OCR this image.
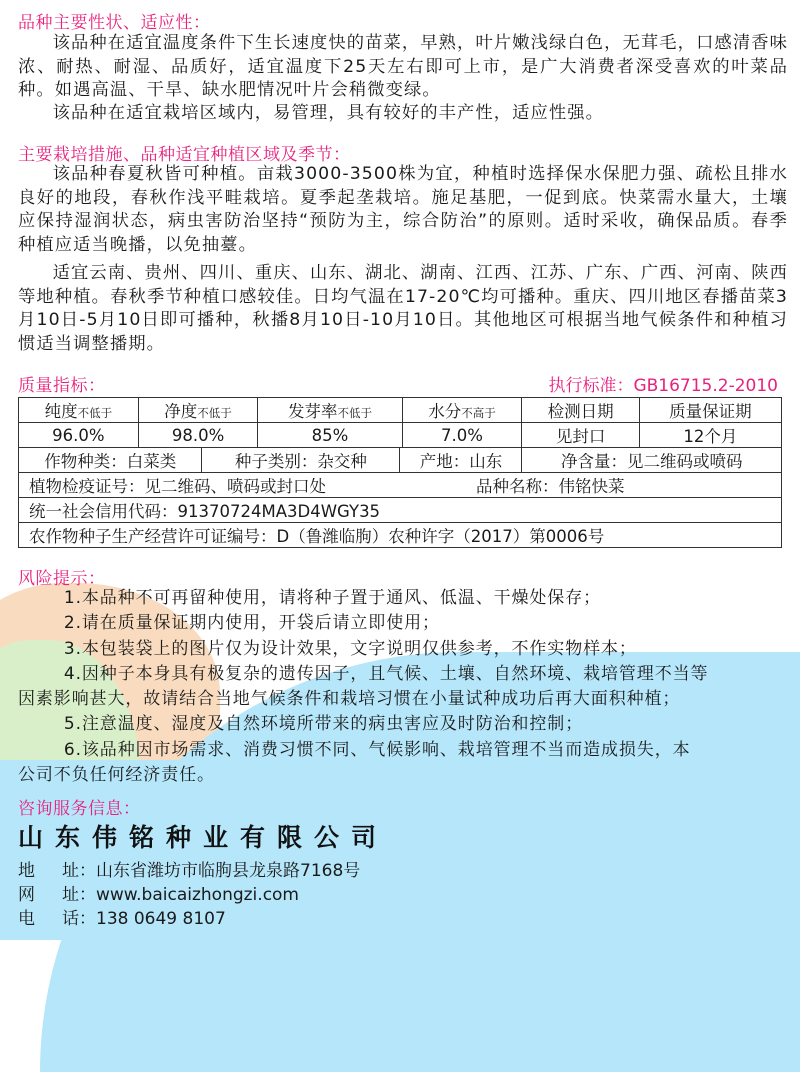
品种主要性状、适应性：
该品种在适宜温度条件下生长速度快的苗菜，早熟，叶片嫩浅绿白色，无茸毛，口感清香味浓、耐热、耐湿、品质好，适宜温度下25天左右即可上市，是广大消费者深受喜欢的叶菜品种。如遇高温、干旱、缺水肥情况叶片会稍微变绿。
该品种在适宜栽培区域内，易管理，具有较好的丰产性，适应性强。
主要栽培措施、品种适宜种植区域及季节：
该品种春夏秋皆可种植。亩栽3000-3500株为宜，种植时选择保水保肥力强、疏松且排水良好的地段，春秋作浅平畦栽培。夏季起垄栽培。施足基肥，一促到底。快菜需水量大，土壤应保持湿润状态，病虫害防治坚持“预防为主，综合防治”的原则。适时采收，确保品质。春季种植应适当晚播，以免抽薹。
适宜云南、贵州、四川、重庆、山东、湖北、湖南、江西、江苏、广东、广西、河南、陕西等地种植。春秋季节种植口感较佳。日均气温在17-20℃均可播种。重庆、四川地区春播苗菜3月10日-5月10日即可播种，秋播8月10日-10月10日。其他地区可根据当地气候条件和种植习惯适当调整播期。
质量指标：	执行标准：GB16715.2-2010
纯度不低于	净度不低于	发芽率不低于	水分不高于	检测日期	质量保证期
96.0%	98.0%	85%	7.0%	见封口	12个月

作物种类：白菜类	种子类别：杂交种	产地：山东	净含量：见二维码或喷码

植物检疫证号：见二维码、喷码或封口处	品种名称：伟铭快菜
统一社会信用代码：91370724MA3D4WGY35
农作物种子生产经营许可证编号：D（鲁潍临朐）农种许字（2017）第0006号
风险提示：
1.本品种不可再留种使用，请将种子置于通风、低温、干燥处保存；
2.请在质量保证期内使用，开袋后请立即使用；
3.本包装袋上的图片仅为设计效果，文字说明仅供参考，不作实物样本；
4.因种子本身具有极复杂的遗传因子，且气候、土壤、自然环境、栽培管理不当等
因素影响甚大，故请结合当地气候条件和栽培习惯在小量试种成功后再大面积种植；
5.注意温度、湿度及自然环境所带来的病虫害应及时防治和控制；
6.该品种因市场需求、消费习惯不同、气候影响、栽培管理不当而造成损失，本
公司不负任何经济责任。
咨询服务信息：
山东伟铭种业有限公司
地 址：山东省潍坊市临朐县龙泉路7168号
网 址：www.baicaizhongzi.com
电 话：138 0649 8107
